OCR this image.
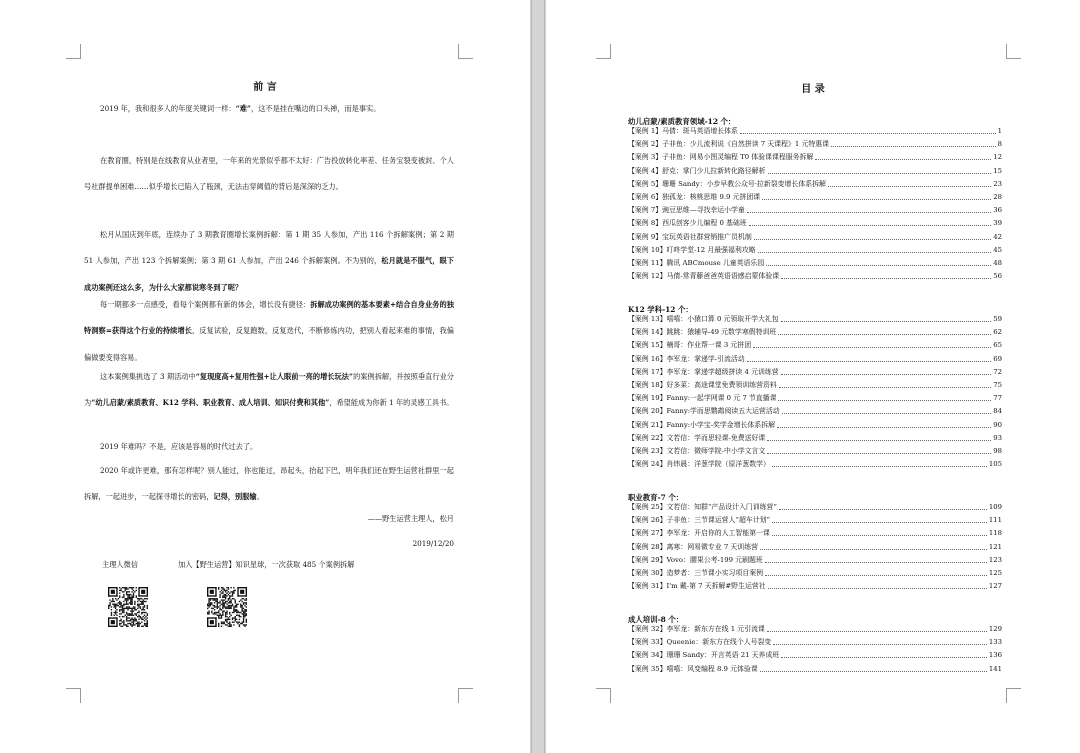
前 言

2019 年，我和很多人的年度关键词一样：“难”，这不是挂在嘴边的口头禅，而是事实。

在教育圈，特别是在线教育从业者里，一年来的光景似乎都不太好：广告投放转化率差、任务宝裂变被封、个人号社群提单困难……似乎增长已陷入了瓶颈，无法击穿阈值的背后是深深的乏力。

松月从国庆到年底，连续办了 3 期教育圈增长案例拆解：第 1 期 35 人参加，产出 116 个拆解案例；第 2 期 51 人参加，产出 123 个拆解案例；第 3 期 61 人参加，产出 246 个拆解案例。不为别的，松月就是不服气，眼下成功案例还这么多，为什么大家都说寒冬到了呢？

每一期都多一点感受，看每个案例都有新的体会，增长没有捷径：拆解成功案例的基本要素+结合自身业务的独特洞察=获得这个行业的持续增长，反复试验，反复跑数，反复迭代，不断修炼内功，把别人看起来难的事情，我偏偏做要变得容易。

这本案例集挑选了 3 期活动中“复现度高+复用性强+让人眼前一亮的增长玩法”的案例拆解，并按照垂直行业分为“幼儿启蒙/素质教育、K12 学科、职业教育、成人培训、知识付费和其他”，希望能成为你新 1 年的灵感工具书。

2019 年难吗？不是，应该是容易的时代过去了。

2020 年或许更难，那有怎样呢？别人能过，你也能过，昂起头，抬起下巴，明年我们还在野生运营社群里一起拆解，一起进步，一起探寻增长的密码，记得，别服输。

——野生运营主理人，松月
2019/12/20
主理人微信	加入【野生运营】知识星球，一次获取 485 个案例拆解
目 录
幼儿启蒙/素质教育领域-12 个：
【案例 1】马倩：斑马英语增长体系	1
【案例 2】子非鱼：少儿流利说《自然拼读 7 天课程》1 元特惠课	8
【案例 3】子非鱼：网易小图灵编程 T0 体验课课程服务拆解	12
【案例 4】舒克：掌门少儿拉新转化路径解析	15
【案例 5】珊珊 Sandy：小步早教公众号·拉新裂变增长体系拆解	23
【案例 6】独孤龙：核桃思维 9.9 元拼团课	28
【案例 7】豌豆思维—寻找幸运小学童	36
【案例 8】西瓜创客少儿编程 0 基础班	39
【案例 9】宝玩英语社群营销推广员机制	42
【案例 10】叮咚学堂-12 月最强福利攻略	45
【案例 11】腾讯 ABCmouse 儿童英语乐园	48
【案例 12】马倩-常青藤爸爸英语语感启蒙体验课	56
K12 学科-12 个：
【案例 13】嘻嘻：小猿口算 0 元领取开学大礼包	59
【案例 14】跳跳：猿辅导-49 元数学寒假特训班	62
【案例 15】楠哥：作业帮一课 3 元拼团	65
【案例 16】李军龙：掌递学-引流活动	69
【案例 17】李军龙：掌递学超级拼读 4 元训练营	72
【案例 18】好多菜：高途课堂免费领训练营资料	75
【案例 19】Fanny:一起学网课 0 元 7 节直播课	77
【案例 20】Fanny:学而思鹦鹉阅读五大运营活动	84
【案例 21】Fanny:小学宝-奖学金增长体系拆解	90
【案例 22】文若信：学而思轻课-免费送好课	93
【案例 23】文若信：微师学院-中小学文言文	98
【案例 24】肖炜晨：洋葱学院（原洋葱数学）	105
职业教育-7 个：
【案例 25】文若信：知群“产品设计入门训练营”	109
【案例 26】子非鱼：三节课运营人“超车计划”	111
【案例 27】李军龙：开启你的人工智能第一课	118
【案例 28】离寒：网易微专业 7 天训练营	121
【案例 29】Vovo：腰果公考-199 元刷题班	123
【案例 30】造梦者：三节课小实习项目案例	125
【案例 31】I'm 戴-第 7 天拆解#野生运营社	127
成人培训-8 个：
【案例 32】李军龙：新东方在线 1 元引流课	129
【案例 33】Queenie：新东方在线个人号裂变	133
【案例 34】珊珊 Sandy：开言英语 21 天养成班	136
【案例 35】嘻嘻：风变编程 8.9 元体验课	141
